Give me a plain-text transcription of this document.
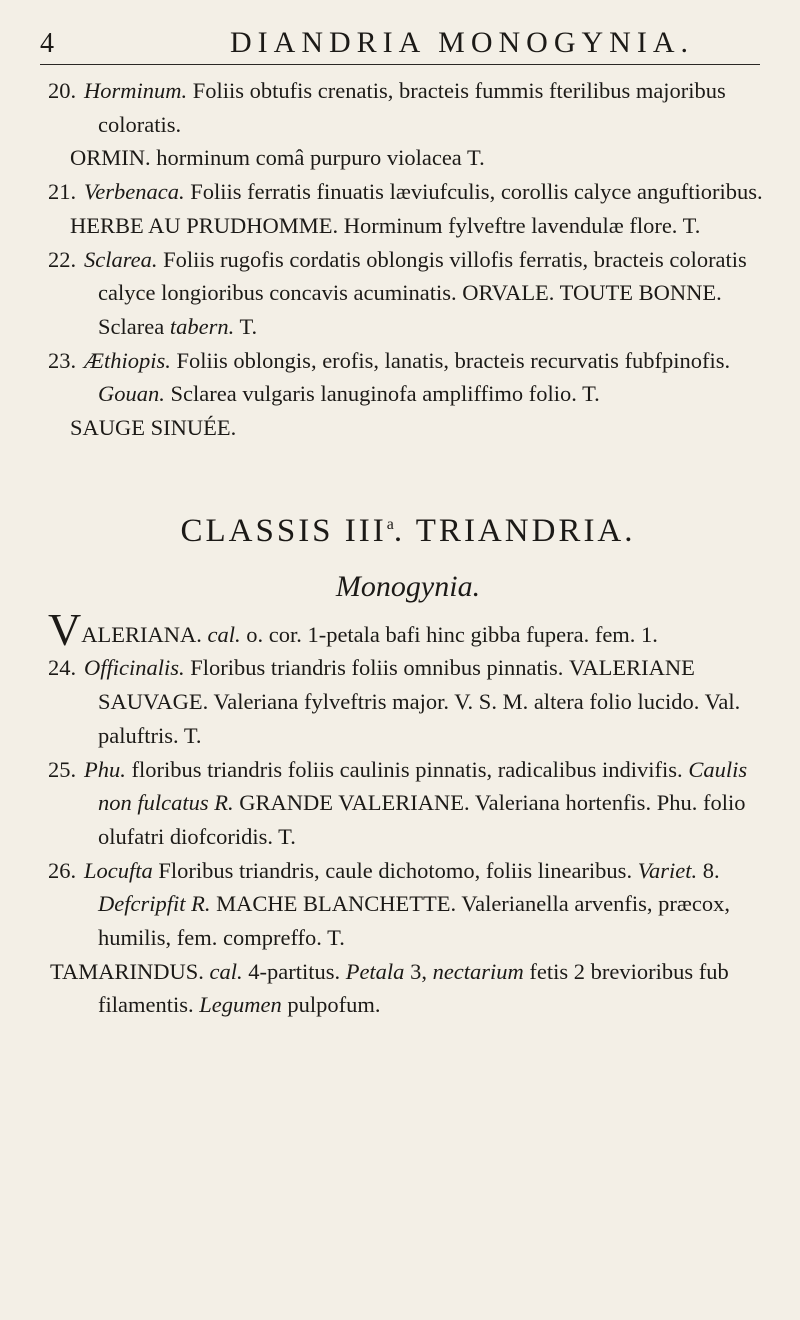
4	DIANDRIA MONOGYNIA.

20. Horminum. Foliis obtufis crenatis, bracteis fummis fterilibus majoribus coloratis.

ORMIN. horminum comâ purpuro violacea T.

21. Verbenaca. Foliis ferratis finuatis læviufculis, corollis calyce anguftioribus.

HERBE AU PRUDHOMME. Horminum fylveftre lavendulæ flore. T.

22. Sclarea. Foliis rugofis cordatis oblongis villofis ferratis, bracteis coloratis calyce longioribus concavis acuminatis. ORVALE. TOUTE BONNE. Sclarea tabern. T.

23. Æthiopis. Foliis oblongis, erofis, lanatis, bracteis recurvatis fubfpinofis. Gouan. Sclarea vulgaris lanuginofa ampliffimo folio. T.

SAUGE SINUÉE.

CLASSIS III$^a$. TRIANDRIA.
Monogynia.

VALERIANA. cal. o. cor. 1-petala bafi hinc gibba fupera. fem. 1.

24. Officinalis. Floribus triandris foliis omnibus pinnatis. VALERIANE SAUVAGE. Valeriana fylveftris major. V. S. M. altera folio lucido. Val. paluftris. T.

25. Phu. floribus triandris foliis caulinis pinnatis, radicalibus indivifis. Caulis non fulcatus R. GRANDE VALERIANE. Valeriana hortenfis. Phu. folio olufatri diofcoridis. T.

26. Locufta Floribus triandris, caule dichotomo, foliis linearibus. Variet. 8. Defcripfit R. MACHE BLANCHETTE. Valerianella arvenfis, præcox, humilis, fem. compreffo. T.

TAMARINDUS. cal. 4-partitus. Petala 3, nectarium fetis 2 brevioribus fub filamentis. Legumen pulpofum.
